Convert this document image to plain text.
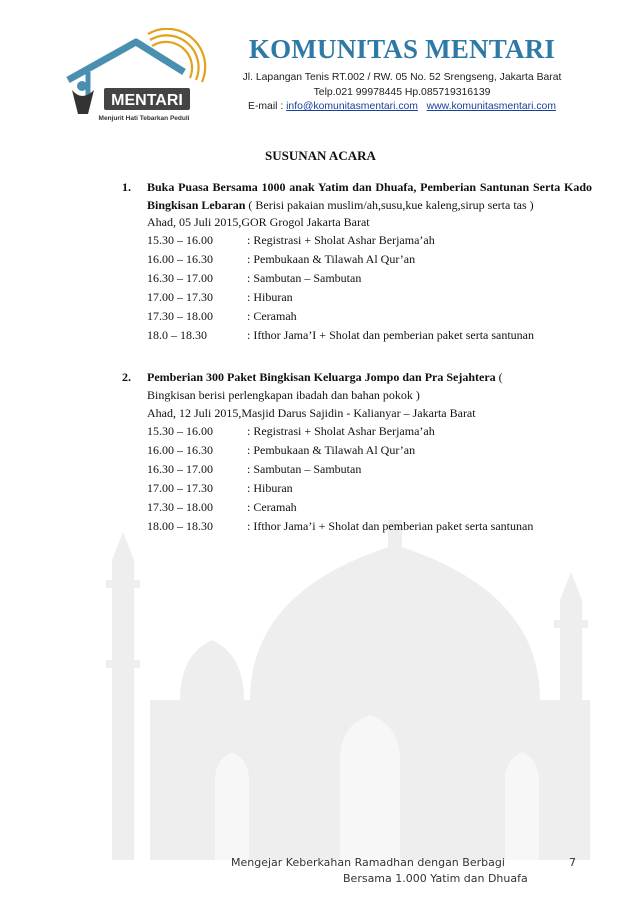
MENTARI
Menjurit Hati Tebarkan Peduli
KOMUNITAS MENTARI
Jl. Lapangan Tenis RT.002 / RW. 05 No. 52 Srengseng, Jakarta Barat
Telp.021 99978445 Hp.085719316139
E-mail : info@komunitasmentari.com www.komunitasmentari.com
SUSUNAN ACARA
1. Buka Puasa Bersama 1000 anak Yatim dan Dhuafa, Pemberian Santunan Serta Kado Bingkisan Lebaran ( Berisi pakaian muslim/ah,susu,kue kaleng,sirup serta tas )
Ahad, 05 Juli 2015,GOR Grogol Jakarta Barat
15.30 – 16.00	: Registrasi + Sholat Ashar Berjama’ah
16.00 – 16.30	: Pembukaan & Tilawah Al Qur’an
16.30 – 17.00	: Sambutan – Sambutan
17.00 – 17.30	: Hiburan
17.30 – 18.00	: Ceramah
18.0 – 18.30	: Ifthor Jama’I + Sholat dan pemberian paket serta santunan
2. Pemberian 300 Paket Bingkisan Keluarga Jompo dan Pra Sejahtera (
Bingkisan berisi perlengkapan ibadah dan bahan pokok )
Ahad, 12 Juli 2015,Masjid Darus Sajidin - Kalianyar – Jakarta Barat
15.30 – 16.00	: Registrasi + Sholat Ashar Berjama’ah
16.00 – 16.30	: Pembukaan & Tilawah Al Qur’an
16.30 – 17.00	: Sambutan – Sambutan
17.00 – 17.30	: Hiburan
17.30 – 18.00	: Ceramah
18.00 – 18.30	: Ifthor Jama’i + Sholat dan pemberian paket serta santunan
Mengejar Keberkahan Ramadhan dengan Berbagi
Bersama 1.000 Yatim dan Dhuafa
7
